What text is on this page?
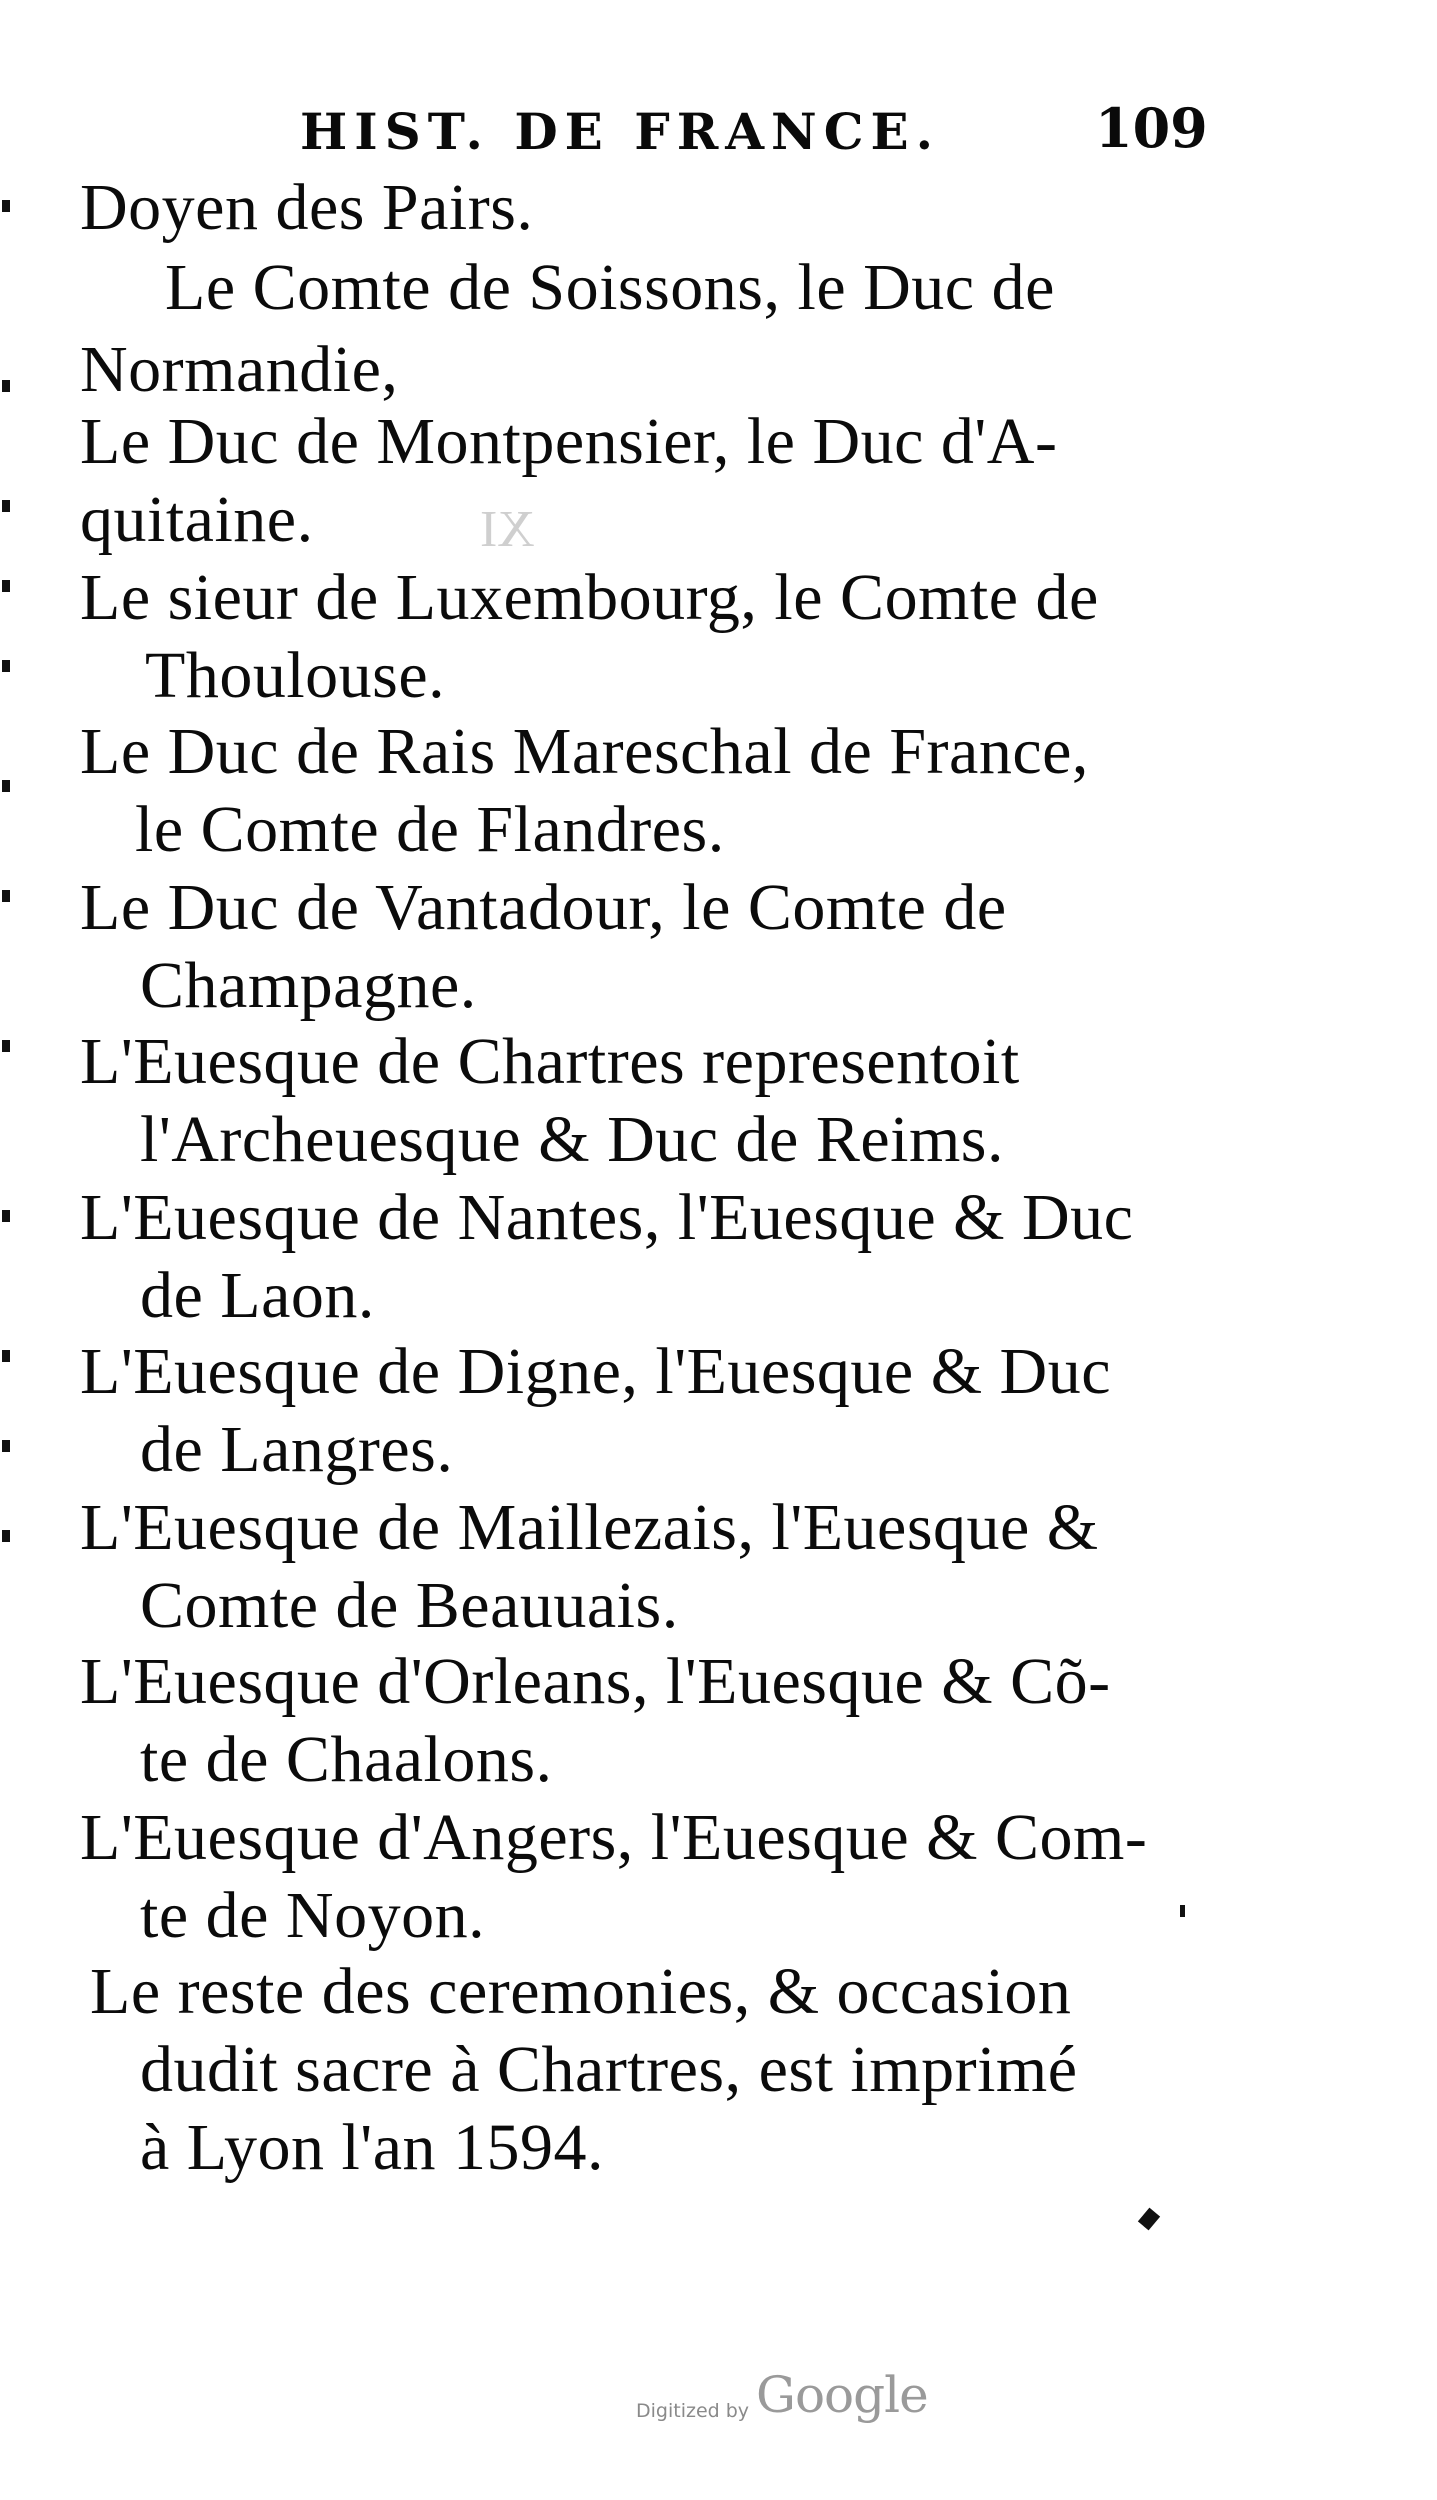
HIST. DE FRANCE.	109
XI
Doyen des Pairs.
Le Comte de Soissons, le Duc de
Normandie,
Le Duc de Montpensier, le Duc d'A-
quitaine.
Le sieur de Luxembourg, le Comte de
Thoulouse.
Le Duc de Rais Mareschal de France,
le Comte de Flandres.
Le Duc de Vantadour, le Comte de
Champagne.
L'Euesque de Chartres representoit
l'Archeuesque & Duc de Reims.
L'Euesque de Nantes, l'Euesque & Duc
de Laon.
L'Euesque de Digne, l'Euesque & Duc
de Langres.
L'Euesque de Maillezais, l'Euesque &
Comte de Beauuais.
L'Euesque d'Orleans, l'Euesque & Cõ-
te de Chaalons.
L'Euesque d'Angers, l'Euesque & Com-
te de Noyon.
Le reste des ceremonies, & occasion
dudit sacre à Chartres, est imprimé
à Lyon l'an 1594.
Digitized by Google
